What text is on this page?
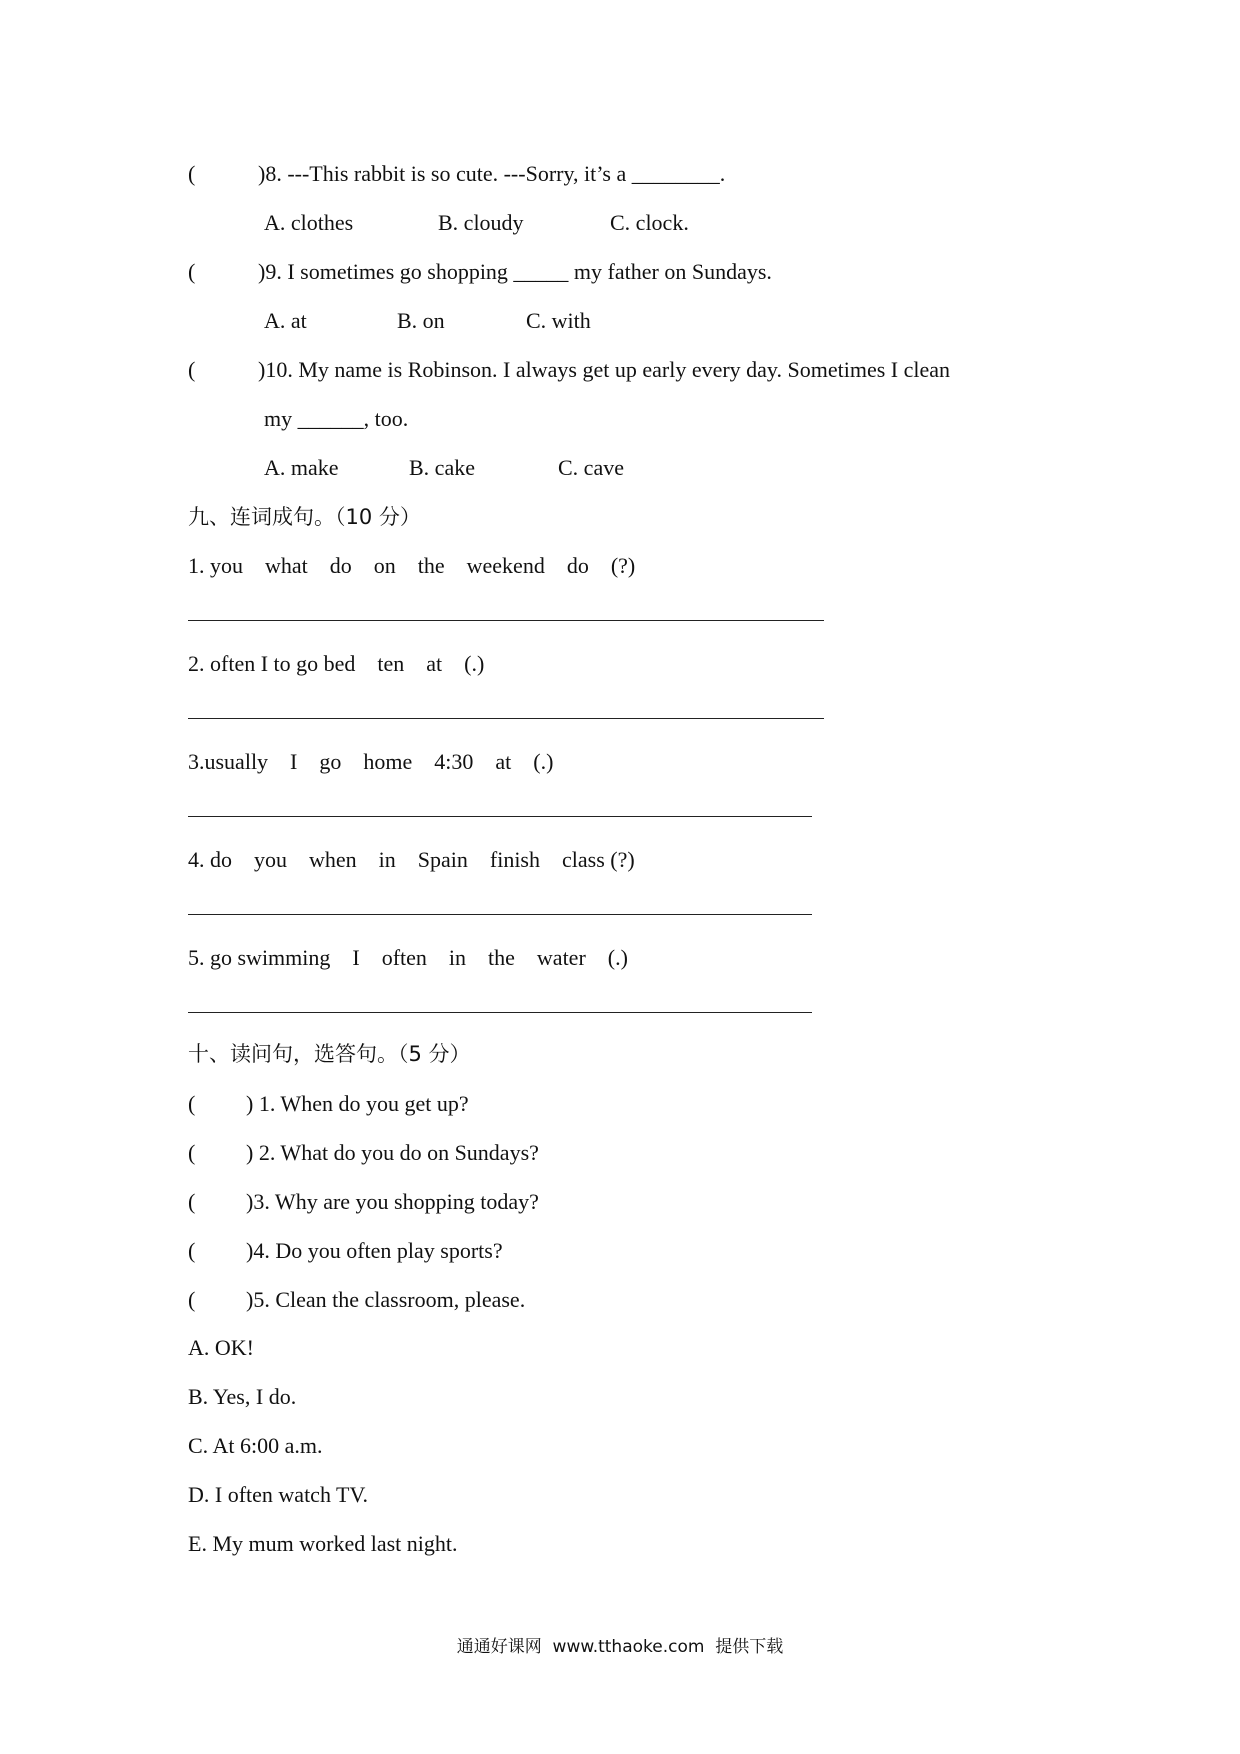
(	)8. ---This rabbit is so cute. ---Sorry, it’s a ________.
A. clothes	B. cloudy	C. clock.
(	)9. I sometimes go shopping _____ my father on Sundays.
A. at	B. on	C. with
(	)10. My name is Robinson. I always get up early every day. Sometimes I clean
my ______, too.
A. make	B. cake	C. cave
九、连词成句。（10 分）
1. you    what    do    on    the    weekend    do    (?)
2. often I to go bed    ten    at    (.)
3.usually    I    go    home    4:30    at    (.)
4. do    you    when    in    Spain    finish    class (?)
5. go swimming    I    often    in    the    water    (.)
十、读问句，选答句。（5 分）
( ) 1. When do you get up?
( ) 2. What do you do on Sundays?
( )3. Why are you shopping today?
( )4. Do you often play sports?
( )5. Clean the classroom, please.
A. OK!
B. Yes, I do.
C. At 6:00 a.m.
D. I often watch TV.
E. My mum worked last night.
通通好课网  www.tthaoke.com  提供下载
